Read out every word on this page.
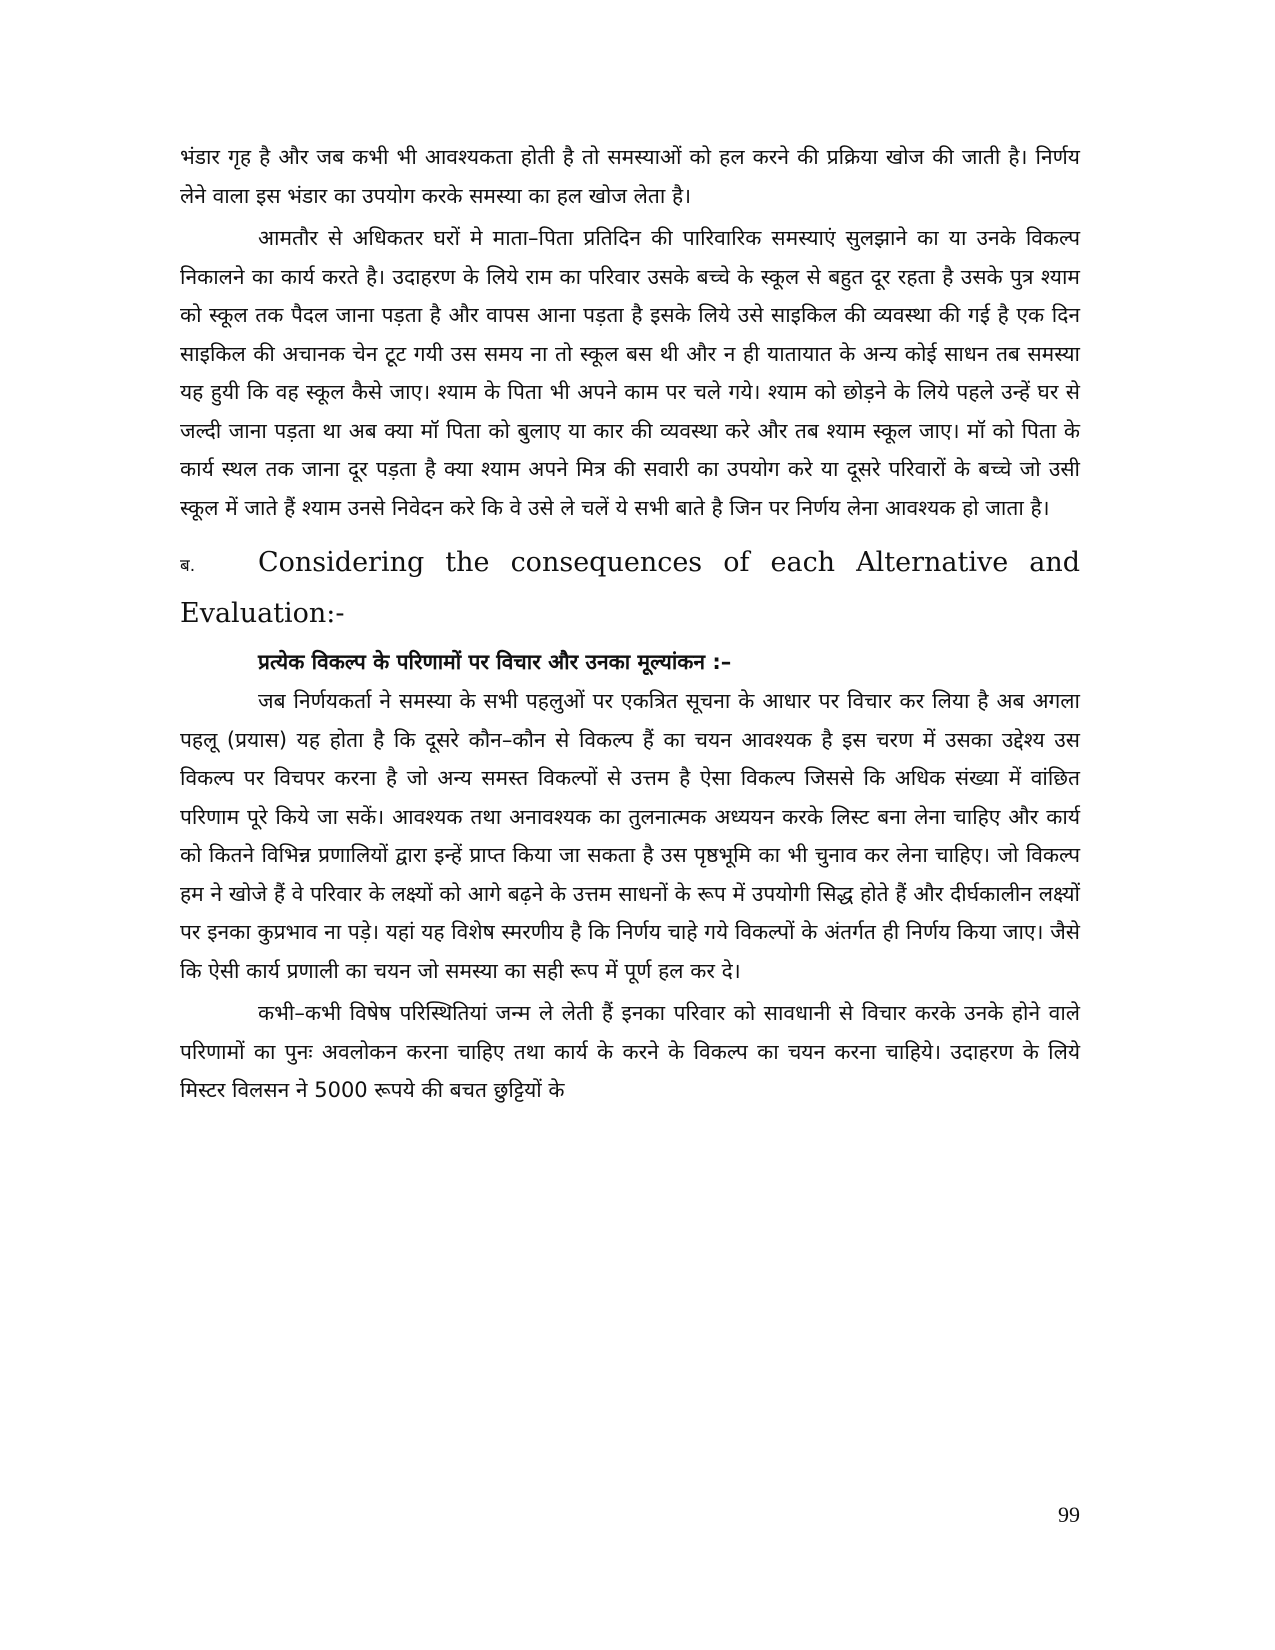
भंडार गृह है और जब कभी भी आवश्यकता होती है तो समस्याओं को हल करने की प्रक्रिया खोज की जाती है। निर्णय लेने वाला इस भंडार का उपयोग करके समस्या का हल खोज लेता है।

आमतौर से अधिकतर घरों मे माता–पिता प्रतिदिन की पारिवारिक समस्याएं सुलझाने का या उनके विकल्प निकालने का कार्य करते है। उदाहरण के लिये राम का परिवार उसके बच्चे के स्कूल से बहुत दूर रहता है उसके पुत्र श्याम को स्कूल तक पैदल जाना पड़ता है और वापस आना पड़ता है इसके लिये उसे साइकिल की व्यवस्था की गई है एक दिन साइकिल की अचानक चेन टूट गयी उस समय ना तो स्कूल बस थी और न ही यातायात के अन्य कोई साधन तब समस्या यह हुयी कि वह स्कूल कैसे जाए। श्याम के पिता भी अपने काम पर चले गये। श्याम को छोड़ने के लिये पहले उन्हें घर से जल्दी जाना पड़ता था अब क्या मॉ पिता को बुलाए या कार की व्यवस्था करे और तब श्याम स्कूल जाए। मॉ को पिता के कार्य स्थल तक जाना दूर पड़ता है क्या श्याम अपने मित्र की सवारी का उपयोग करे या दूसरे परिवारों के बच्चे जो उसी स्कूल में जाते हैं श्याम उनसे निवेदन करे कि वे उसे ले चलें ये सभी बाते है जिन पर निर्णय लेना आवश्यक हो जाता है।

ब.	Considering the consequences of each Alternative and

Evaluation:-

प्रत्येक विकल्प के परिणामों पर विचार और उनका मूल्यांकन :–

जब निर्णयकर्ता ने समस्या के सभी पहलुओं पर एकत्रित सूचना के आधार पर विचार कर लिया है अब अगला पहलू (प्रयास) यह होता है कि दूसरे कौन–कौन से विकल्प हैं का चयन आवश्यक है इस चरण में उसका उद्देश्य उस विकल्प पर विचपर करना है जो अन्य समस्त विकल्पों से उत्तम है ऐसा विकल्प जिससे कि अधिक संख्या में वांछित परिणाम पूरे किये जा सकें। आवश्यक तथा अनावश्यक का तुलनात्मक अध्ययन करके लिस्ट बना लेना चाहिए और कार्य को कितने विभिन्न प्रणालियों द्वारा इन्हें प्राप्त किया जा सकता है उस पृष्ठभूमि का भी चुनाव कर लेना चाहिए। जो विकल्प हम ने खोजे हैं वे परिवार के लक्ष्यों को आगे बढ़ने के उत्तम साधनों के रूप में उपयोगी सिद्ध होते हैं और दीर्घकालीन लक्ष्यों पर इनका कुप्रभाव ना पड़े। यहां यह विशेष स्मरणीय है कि निर्णय चाहे गये विकल्पों के अंतर्गत ही निर्णय किया जाए। जैसे कि ऐसी कार्य प्रणाली का चयन जो समस्या का सही रूप में पूर्ण हल कर दे।

कभी–कभी विषेष परिस्थितियां जन्म ले लेती हैं इनका परिवार को सावधानी से विचार करके उनके होने वाले परिणामों का पुनः अवलोकन करना चाहिए तथा कार्य के करने के विकल्प का चयन करना चाहिये। उदाहरण के लिये मिस्टर विलसन ने 5000 रूपये की बचत छुट्टियों के

99
